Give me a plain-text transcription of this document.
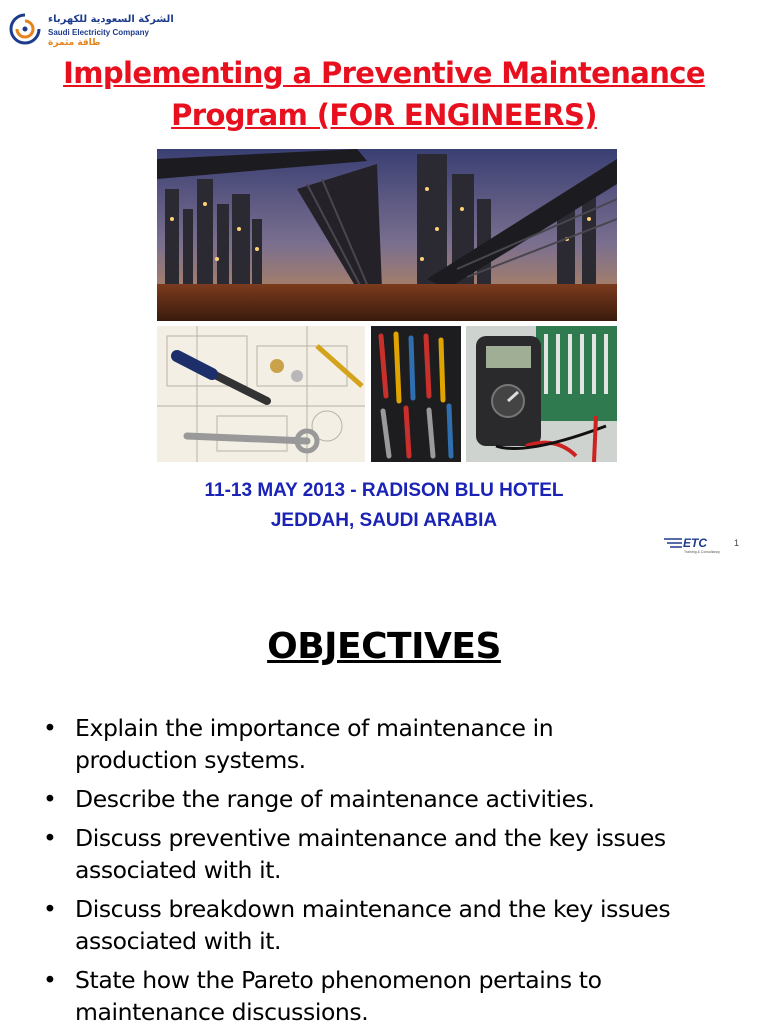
الشركة السعودية للكهرباء
Saudi Electricity Company
طاقة مثمرة
Implementing a Preventive Maintenance
Program (FOR ENGINEERS)
11-13 MAY 2013 - RADISON BLU HOTEL
JEDDAH, SAUDI ARABIA
ETC
Training & Consultancy
1
OBJECTIVES
• Explain the importance of maintenance in
production systems.
• Describe the range of maintenance activities.
• Discuss preventive maintenance and the key issues
associated with it.
• Discuss breakdown maintenance and the key issues
associated with it.
• State how the Pareto phenomenon pertains to
maintenance discussions.
